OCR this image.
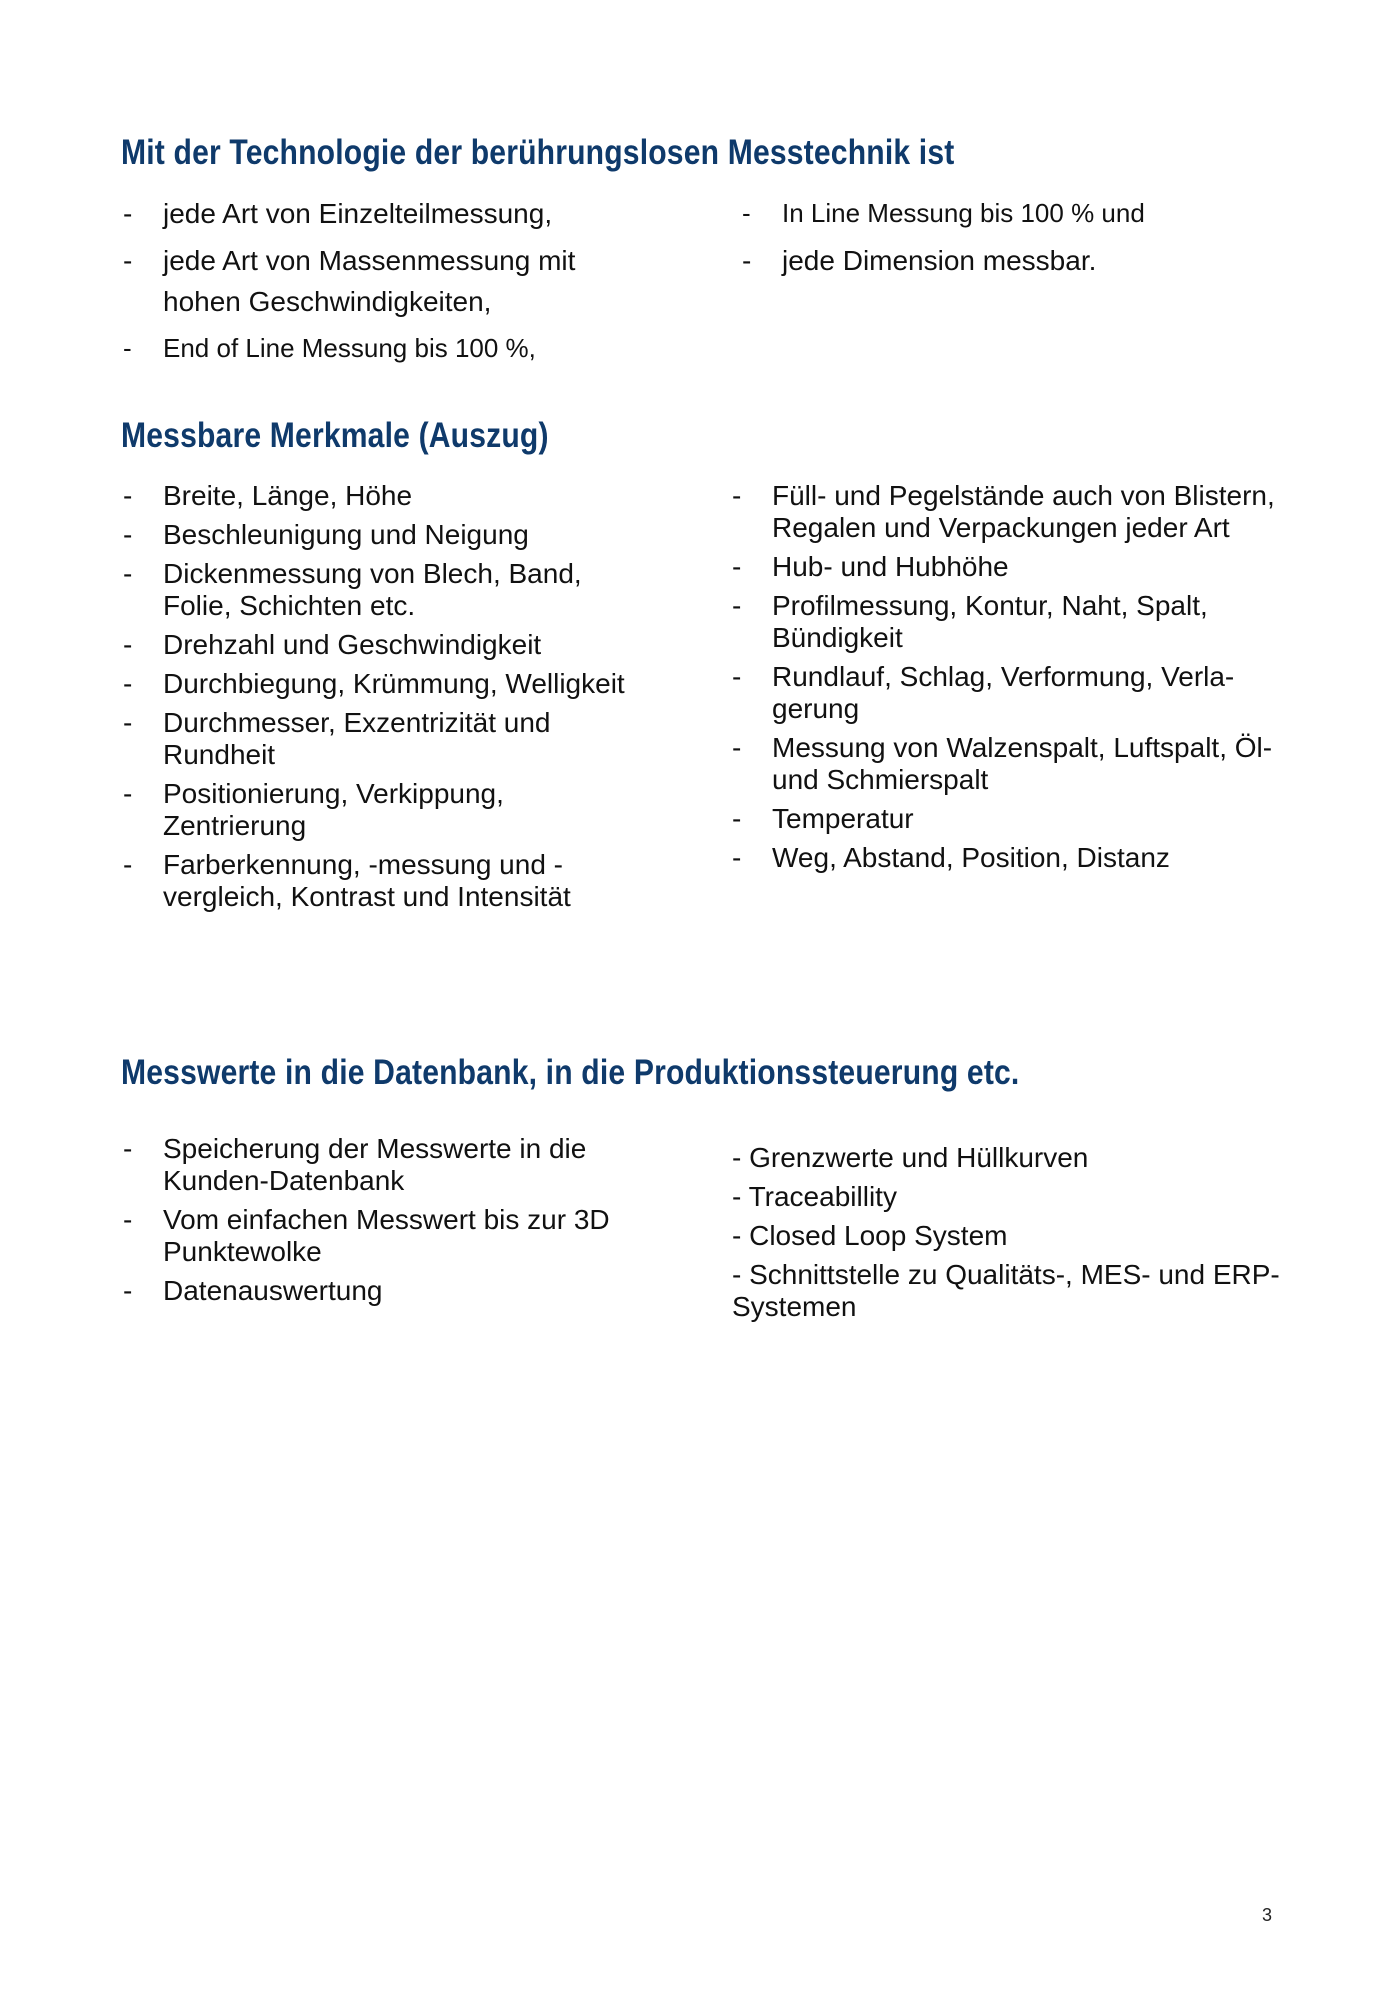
Mit der Technologie der berührungslosen Messtechnik ist
- jede Art von Einzelteilmessung,
- jede Art von Massenmessung mit hohen Geschwindigkeiten,
- End of Line Messung bis 100 %,
- In Line Messung bis 100 % und
- jede Dimension messbar.
Messbare Merkmale (Auszug)
- Breite, Länge, Höhe
- Beschleunigung und Neigung
- Dickenmessung von Blech, Band, Folie, Schichten etc.
- Drehzahl und Geschwindigkeit
- Durchbiegung, Krümmung, Welligkeit
- Durchmesser, Exzentrizität und Rundheit
- Positionierung, Verkippung, Zentrierung
- Farberkennung, -messung und -vergleich, Kontrast und Intensität
- Füll- und Pegelstände auch von Blistern, Regalen und Verpackungen jeder Art
- Hub- und Hubhöhe
- Profilmessung, Kontur, Naht, Spalt, Bündigkeit
- Rundlauf, Schlag, Verformung, Verla-gerung
- Messung von Walzenspalt, Luftspalt, Öl- und Schmierspalt
- Temperatur
- Weg, Abstand, Position, Distanz
Messwerte in die Datenbank, in die Produktionssteuerung etc.
- Speicherung der Messwerte in die Kunden-Datenbank
- Vom einfachen Messwert bis zur 3D Punktewolke
- Datenauswertung
- Grenzwerte und Hüllkurven
- Traceabillity
- Closed Loop System
- Schnittstelle zu Qualitäts-, MES- und ERP-Systemen
3
